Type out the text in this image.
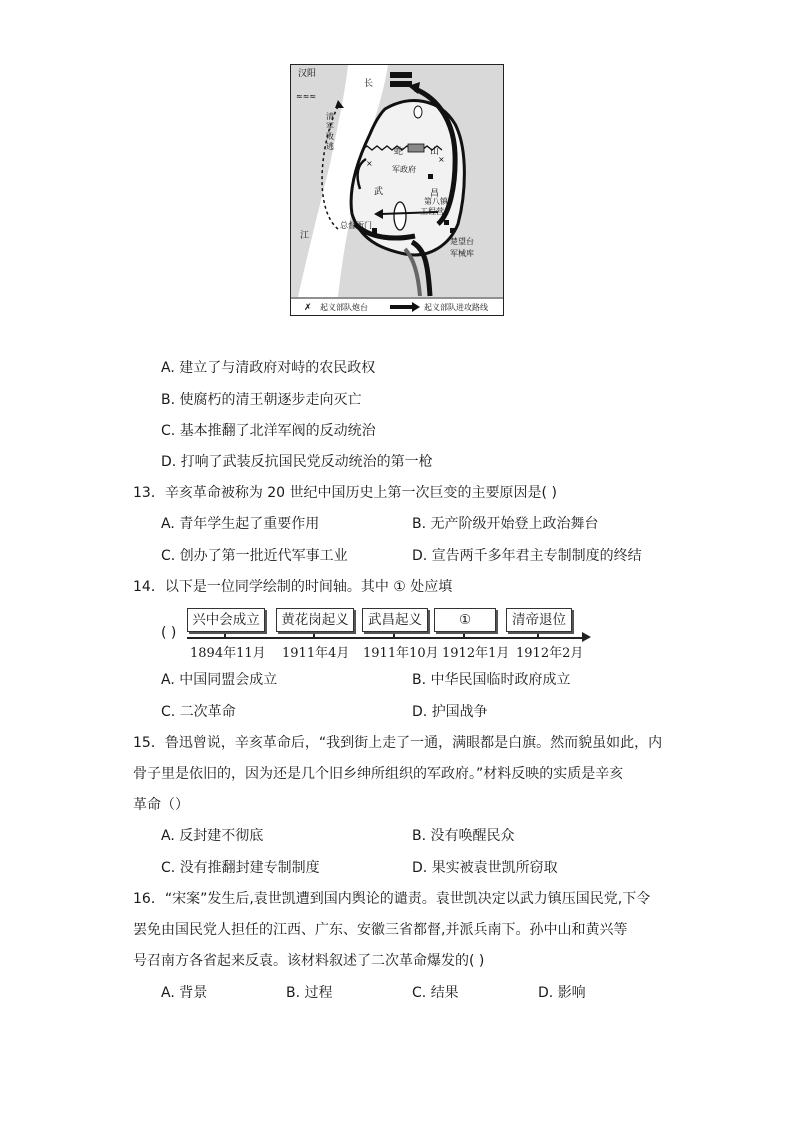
≈≈≈
×	×
汉阳
长
江
清 军 败 逃
蛇	山
军政府
武	昌
第八镇
工程营
总督衙门
楚望台
军械库
✗ 起义部队炮台	起义部队进攻路线
A. 建立了与清政府对峙的农民政权
B. 使腐朽的清王朝逐步走向灭亡
C. 基本推翻了北洋军阀的反动统治
D. 打响了武装反抗国民党反动统治的第一枪
13．辛亥革命被称为 20 世纪中国历史上第一次巨变的主要原因是( )
A. 青年学生起了重要作用	B. 无产阶级开始登上政治舞台
C. 创办了第一批近代军事工业	D. 宣告两千多年君主专制制度的终结
14．以下是一位同学绘制的时间轴。其中 ① 处应填
( )
兴中会成立	黄花岗起义	武昌起义	①	清帝退位
1894年11月 1911年4月 1911年10月 1912年1月 1912年2月
A. 中国同盟会成立	B. 中华民国临时政府成立
C. 二次革命	D. 护国战争
15．鲁迅曾说，辛亥革命后，“我到街上走了一通，满眼都是白旗。然而貌虽如此，内
骨子里是依旧的，因为还是几个旧乡绅所组织的军政府。”材料反映的实质是辛亥
革命（）
A. 反封建不彻底	B. 没有唤醒民众
C. 没有推翻封建专制制度	D. 果实被袁世凯所窃取
16．“宋案”发生后,袁世凯遭到国内舆论的谴责。袁世凯决定以武力镇压国民党,下令
罢免由国民党人担任的江西、广东、安徽三省都督,并派兵南下。孙中山和黄兴等
号召南方各省起来反袁。该材料叙述了二次革命爆发的( )
A. 背景	B. 过程	C. 结果	D. 影响
